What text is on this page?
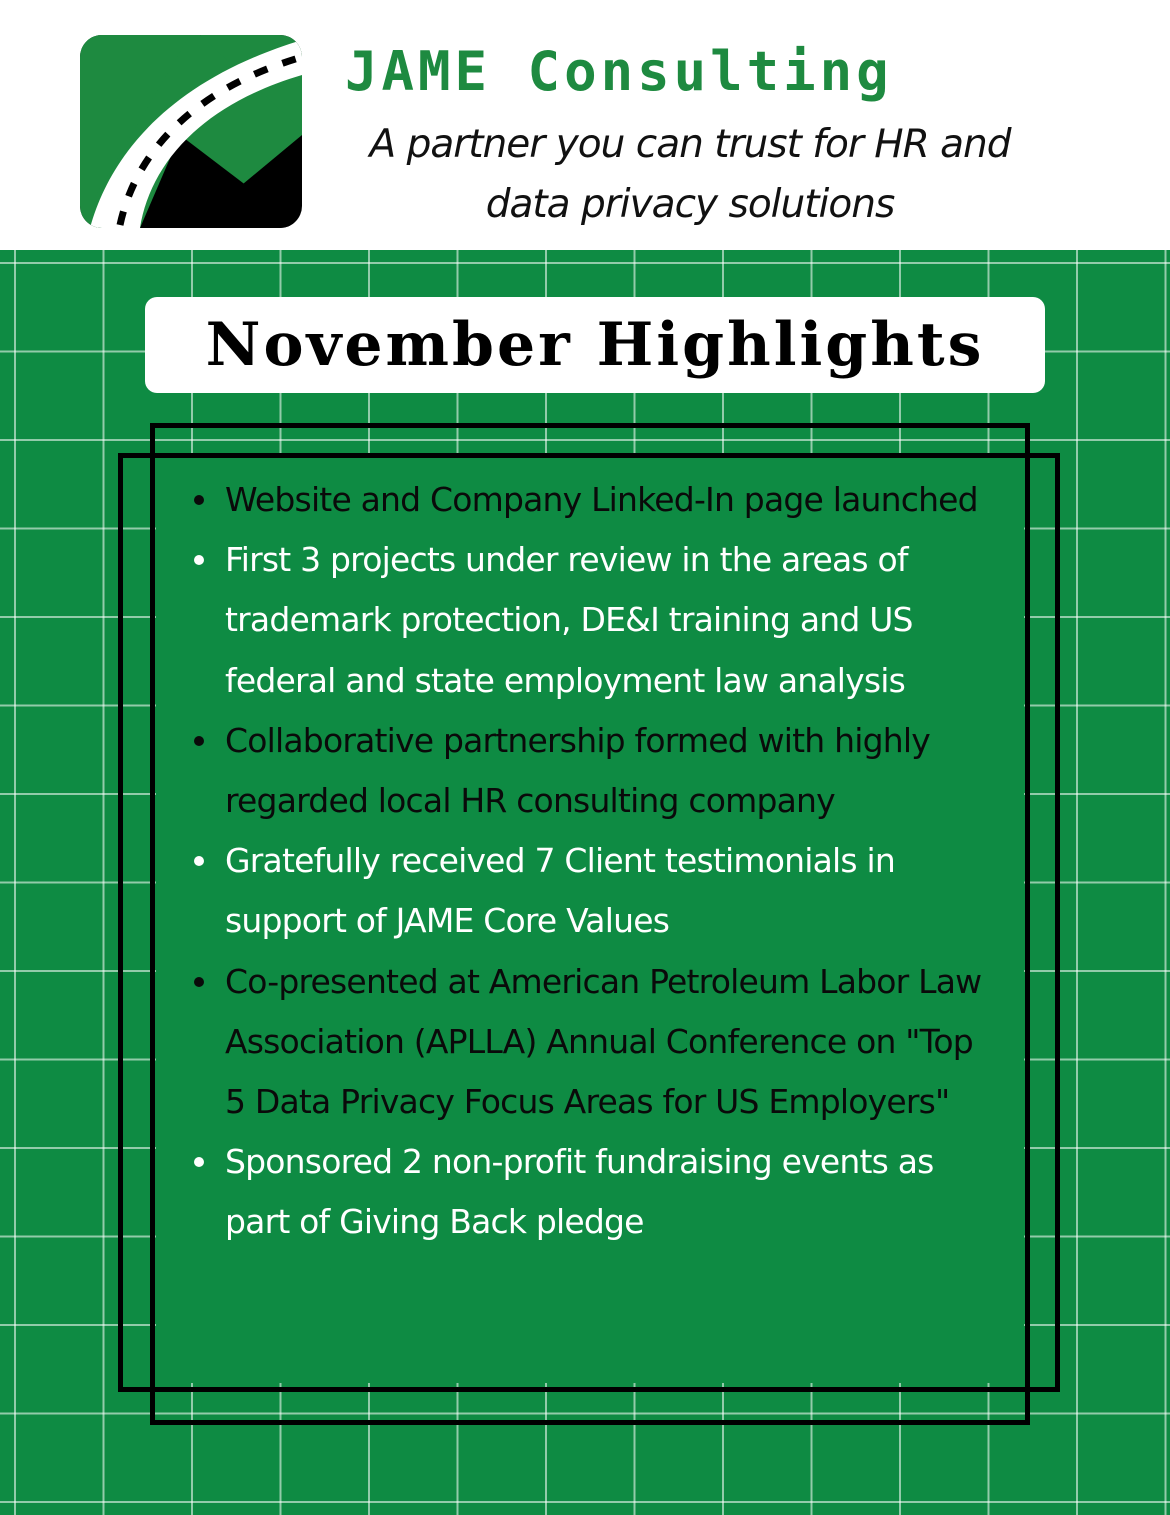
JAME Consulting
A partner you can trust for HR and
data privacy solutions
November Highlights
Website and Company Linked-In page launched
First 3 projects under review in the areas of trademark protection, DE&I training and US federal and state employment law analysis
Collaborative partnership formed with highly regarded local HR consulting company
Gratefully received 7 Client testimonials in support of JAME Core Values
Co-presented at American Petroleum Labor Law Association (APLLA) Annual Conference on "Top 5 Data Privacy Focus Areas for US Employers"
Sponsored 2 non-profit fundraising events as part of Giving Back pledge
